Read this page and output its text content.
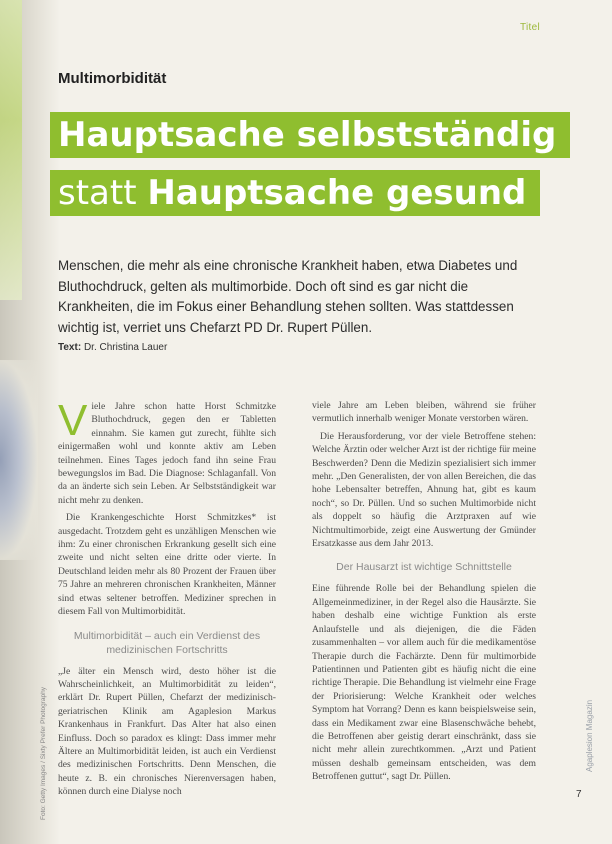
Titel
Multimorbidität
Hauptsache selbstständig
statt Hauptsache gesund
Menschen, die mehr als eine chronische Krankheit haben, etwa Diabetes und Bluthochdruck, gelten als multimorbide. Doch oft sind es gar nicht die Krankheiten, die im Fokus einer Behandlung stehen sollten. Was stattdessen wichtig ist, verriet uns Chefarzt PD Dr. Rupert Püllen.
Text: Dr. Christina Lauer

Viele Jahre schon hatte Horst Schmitzke Bluthochdruck, gegen den er Tabletten einnahm. Sie kamen gut zurecht, fühlte sich einigermaßen wohl und konnte aktiv am Leben teilnehmen. Eines Tages jedoch fand ihn seine Frau bewegungslos im Bad. Die Diagnose: Schlaganfall. Von da an änderte sich sein Leben. Ar Selbstständigkeit war nicht mehr zu denken.

Die Krankengeschichte Horst Schmitzkes* ist ausgedacht. Trotzdem geht es unzähligen Menschen wie ihm: Zu einer chronischen Erkrankung gesellt sich eine zweite und nicht selten eine dritte oder vierte. In Deutschland leiden mehr als 80 Prozent der Frauen über 75 Jahre an mehreren chronischen Krankheiten, Männer sind etwas seltener betroffen. Mediziner sprechen in diesem Fall von Multimorbidität.

Multimorbidität – auch ein Verdienst des medizinischen Fortschritts

„Je älter ein Mensch wird, desto höher ist die Wahrscheinlichkeit, an Multimorbidität zu leiden“, erklärt Dr. Rupert Püllen, Chefarzt der medizinisch-geriatrischen Klinik am Agaplesion Markus Krankenhaus in Frankfurt. Das Alter hat also einen Einfluss. Doch so paradox es klingt: Dass immer mehr Ältere an Multimorbidität leiden, ist auch ein Verdienst des medizinischen Fortschritts. Denn Menschen, die heute z. B. ein chronisches Nierenversagen haben, können durch eine Dialyse noch

viele Jahre am Leben bleiben, während sie früher vermutlich innerhalb weniger Monate verstorben wären.

Die Herausforderung, vor der viele Betroffene stehen: Welche Ärztin oder welcher Arzt ist der richtige für meine Beschwerden? Denn die Medizin spezialisiert sich immer mehr. „Den Generalisten, der von allen Bereichen, die das hohe Lebensalter betreffen, Ahnung hat, gibt es kaum noch“, so Dr. Püllen. Und so suchen Multimorbide nicht als doppelt so häufig die Arztpraxen auf wie Nichtmultimorbide, zeigt eine Auswertung der Gmünder Ersatzkasse aus dem Jahr 2013.

Der Hausarzt ist wichtige Schnittstelle

Eine führende Rolle bei der Behandlung spielen die Allgemeinmediziner, in der Regel also die Hausärzte. Sie haben deshalb eine wichtige Funktion als erste Anlaufstelle und als diejenigen, die die Fäden zusammenhalten – vor allem auch für die medikamentöse Therapie durch die Fachärzte. Denn für multimorbide Patientinnen und Patienten gibt es häufig nicht die eine richtige Therapie. Die Behandlung ist vielmehr eine Frage der Priorisierung: Welche Krankheit oder welches Symptom hat Vorrang? Denn es kann beispielsweise sein, dass ein Medikament zwar eine Blasenschwäche behebt, die Betroffenen aber geistig derart einschränkt, dass sie nicht mehr allein zurechtkommen. „Arzt und Patient müssen deshalb gemeinsam entscheiden, was dem Betroffenen guttut“, sagt Dr. Püllen.

Foto: Getty Images / Sixty Prefer Photography	Agaplesion Magazin
7
